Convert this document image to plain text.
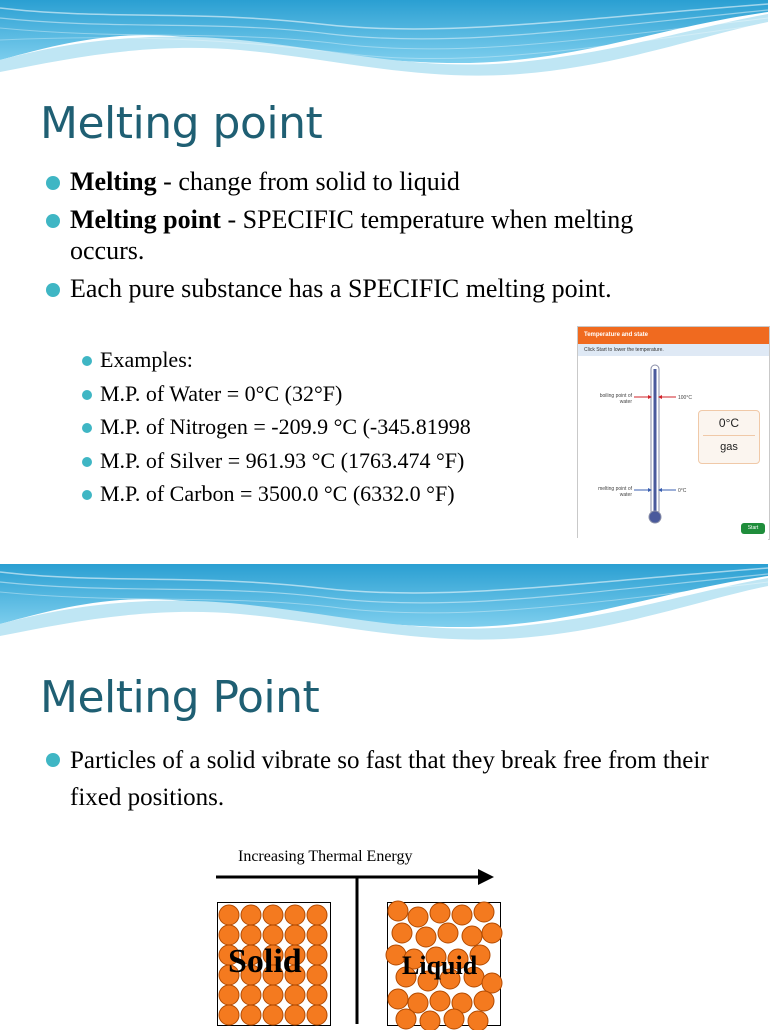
Melting point
Melting - change from solid to liquid
Melting point - SPECIFIC temperature when melting occurs.
Each pure substance has a SPECIFIC melting point.
Examples:
M.P. of Water = 0°C (32°F)
M.P. of Nitrogen = -209.9 °C (-345.81998
M.P. of Silver = 961.93 °C (1763.474 °F)
M.P. of Carbon = 3500.0 °C (6332.0 °F)
Temperature and state
Click Start to lower the temperature.
boiling point of water
100°C
melting point of water
0°C
0°C
gas
Start
Melting Point
Particles of a solid vibrate so fast that they break free from their fixed positions.
Increasing Thermal Energy
Solid	Liquid
